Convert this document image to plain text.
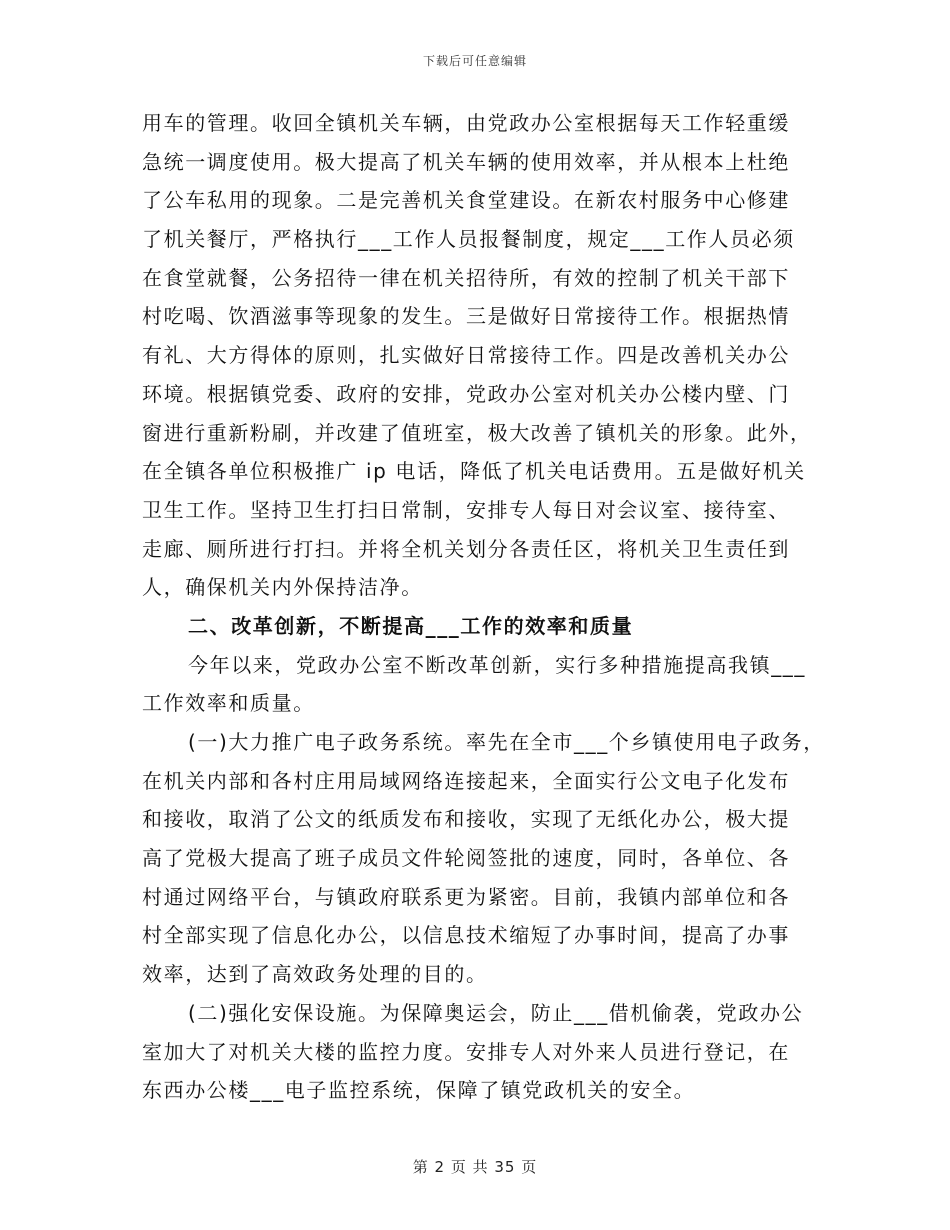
下载后可任意编辑
用车的管理。收回全镇机关车辆，由党政办公室根据每天工作轻重缓
急统一调度使用。极大提高了机关车辆的使用效率，并从根本上杜绝
了公车私用的现象。二是完善机关食堂建设。在新农村服务中心修建
了机关餐厅，严格执行___工作人员报餐制度，规定___工作人员必须
在食堂就餐，公务招待一律在机关招待所，有效的控制了机关干部下
村吃喝、饮酒滋事等现象的发生。三是做好日常接待工作。根据热情
有礼、大方得体的原则，扎实做好日常接待工作。四是改善机关办公
环境。根据镇党委、政府的安排，党政办公室对机关办公楼内壁、门
窗进行重新粉刷，并改建了值班室，极大改善了镇机关的形象。此外，
在全镇各单位积极推广 ip 电话，降低了机关电话费用。五是做好机关
卫生工作。坚持卫生打扫日常制，安排专人每日对会议室、接待室、
走廊、厕所进行打扫。并将全机关划分各责任区，将机关卫生责任到
人，确保机关内外保持洁净。
二、改革创新，不断提高___工作的效率和质量
今年以来，党政办公室不断改革创新，实行多种措施提高我镇___
工作效率和质量。
(一)大力推广电子政务系统。率先在全市___个乡镇使用电子政务，
在机关内部和各村庄用局域网络连接起来，全面实行公文电子化发布
和接收，取消了公文的纸质发布和接收，实现了无纸化办公，极大提
高了党极大提高了班子成员文件轮阅签批的速度，同时，各单位、各
村通过网络平台，与镇政府联系更为紧密。目前，我镇内部单位和各
村全部实现了信息化办公，以信息技术缩短了办事时间，提高了办事
效率，达到了高效政务处理的目的。
(二)强化安保设施。为保障奥运会，防止___借机偷袭，党政办公
室加大了对机关大楼的监控力度。安排专人对外来人员进行登记，在
东西办公楼___电子监控系统，保障了镇党政机关的安全。
第 2 页 共 35 页
